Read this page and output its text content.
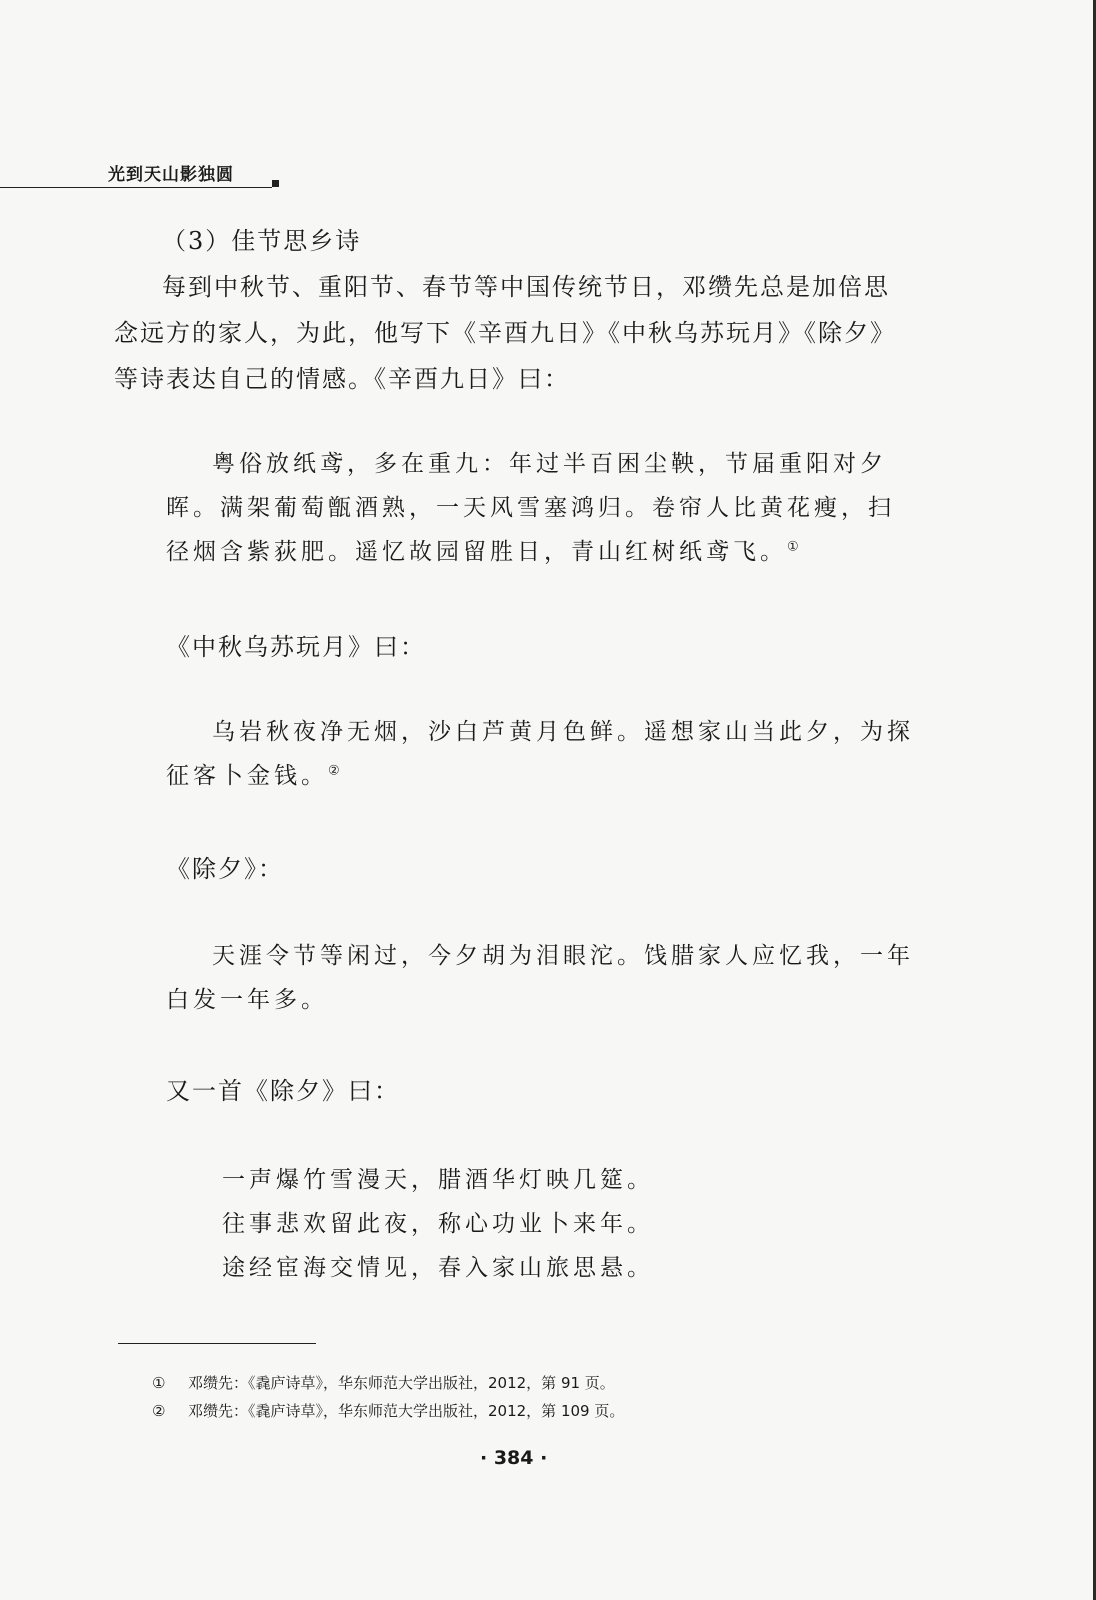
光到天山影独圆
（3）佳节思乡诗
每到中秋节、重阳节、春节等中国传统节日，邓缵先总是加倍思念远方的家人，为此，他写下《辛酉九日》《中秋乌苏玩月》《除夕》等诗表达自己的情感。《辛酉九日》曰：
粤俗放纸鸢，多在重九：年过半百困尘鞅，节届重阳对夕晖。满架葡萄甑酒熟，一天风雪塞鸿归。卷帘人比黄花瘦，扫径烟含紫荻肥。遥忆故园留胜日，青山红树纸鸢飞。①
《中秋乌苏玩月》曰：
乌岩秋夜净无烟，沙白芦黄月色鲜。遥想家山当此夕，为探征客卜金钱。②
《除夕》：
天涯令节等闲过，今夕胡为泪眼沱。饯腊家人应忆我，一年白发一年多。
又一首《除夕》曰：
一声爆竹雪漫天，腊酒华灯映几筵。
往事悲欢留此夜，称心功业卜来年。
途经宦海交情见，春入家山旅思悬。
① 邓缵先：《毳庐诗草》，华东师范大学出版社，2012，第 91 页。
② 邓缵先：《毳庐诗草》，华东师范大学出版社，2012，第 109 页。
· 384 ·
